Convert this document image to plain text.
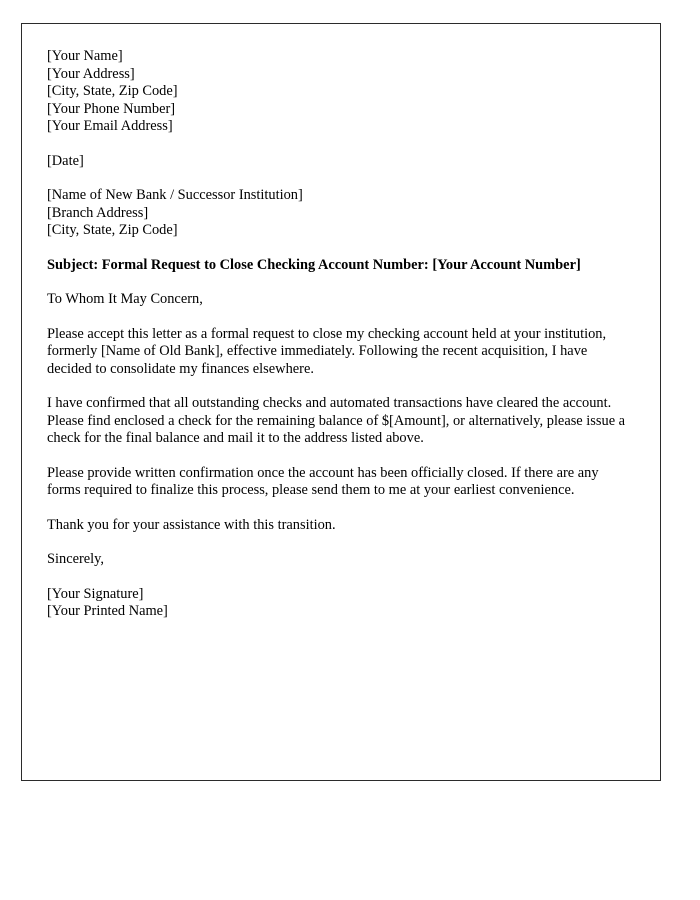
[Your Name]
[Your Address]
[City, State, Zip Code]
[Your Phone Number]
[Your Email Address]

[Date]

[Name of New Bank / Successor Institution]
[Branch Address]
[City, State, Zip Code]

Subject: Formal Request to Close Checking Account Number: [Your Account Number]

To Whom It May Concern,

Please accept this letter as a formal request to close my checking account held at your institution, formerly [Name of Old Bank], effective immediately. Following the recent acquisition, I have decided to consolidate my finances elsewhere.

I have confirmed that all outstanding checks and automated transactions have cleared the account. Please find enclosed a check for the remaining balance of $[Amount], or alternatively, please issue a check for the final balance and mail it to the address listed above.

Please provide written confirmation once the account has been officially closed. If there are any forms required to finalize this process, please send them to me at your earliest convenience.

Thank you for your assistance with this transition.

Sincerely,

[Your Signature]
[Your Printed Name]
